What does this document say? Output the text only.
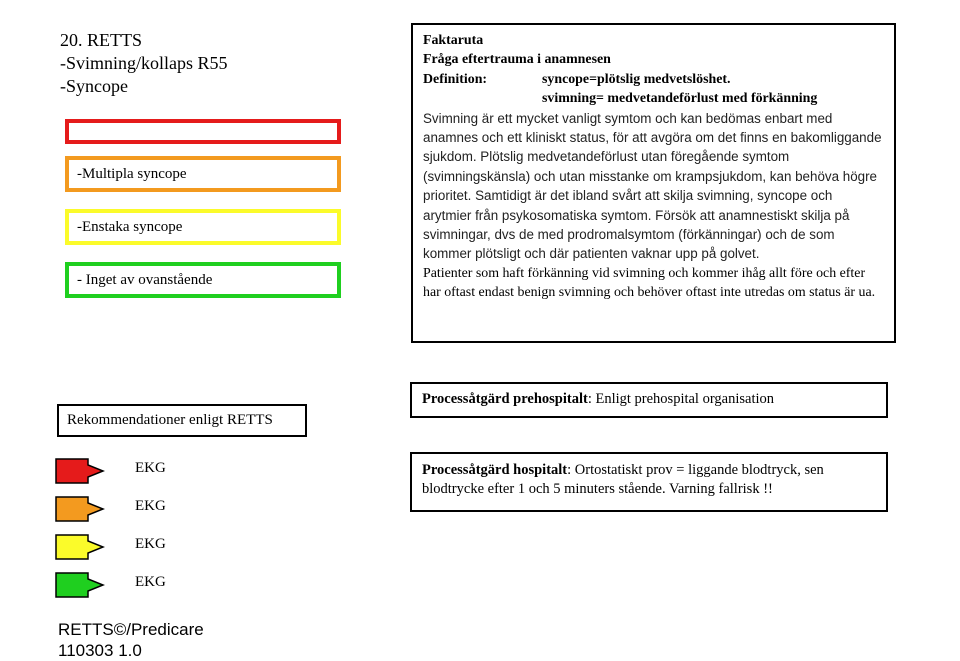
20. RETTS
-Svimning/kollaps R55
-Syncope
-Multipla syncope
-Enstaka syncope
- Inget av ovanstående
Faktaruta
Fråga eftertrauma i anamnesen
Definition:	syncope=plötslig medvetslöshet.
svimning= medvetandeförlust med förkänning
Svimning är ett mycket vanligt symtom och kan bedömas enbart med anamnes och ett kliniskt status, för att avgöra om det finns en bakomliggande sjukdom. Plötslig medvetandeförlust utan föregående symtom (svimningskänsla) och utan misstanke om krampsjukdom, kan behöva högre prioritet. Samtidigt är det ibland svårt att skilja svimning, syncope och arytmier från psykosomatiska symtom. Försök att anamnestiskt skilja på svimningar, dvs de med prodromalsymtom (förkänningar) och de som kommer plötsligt och där patienten vaknar upp på golvet.
Patienter som haft förkänning vid svimning och kommer ihåg allt före och efter har oftast endast benign svimning och behöver oftast inte utredas om status är ua.
Rekommendationer enligt RETTS
Processåtgärd prehospitalt: Enligt prehospital organisation
Processåtgärd hospitalt: Ortostatiskt prov = liggande blodtryck, sen blodtrycke efter 1 och 5 minuters stående. Varning fallrisk !!
EKG
EKG
EKG
EKG
RETTS©/Predicare
110303 1.0
